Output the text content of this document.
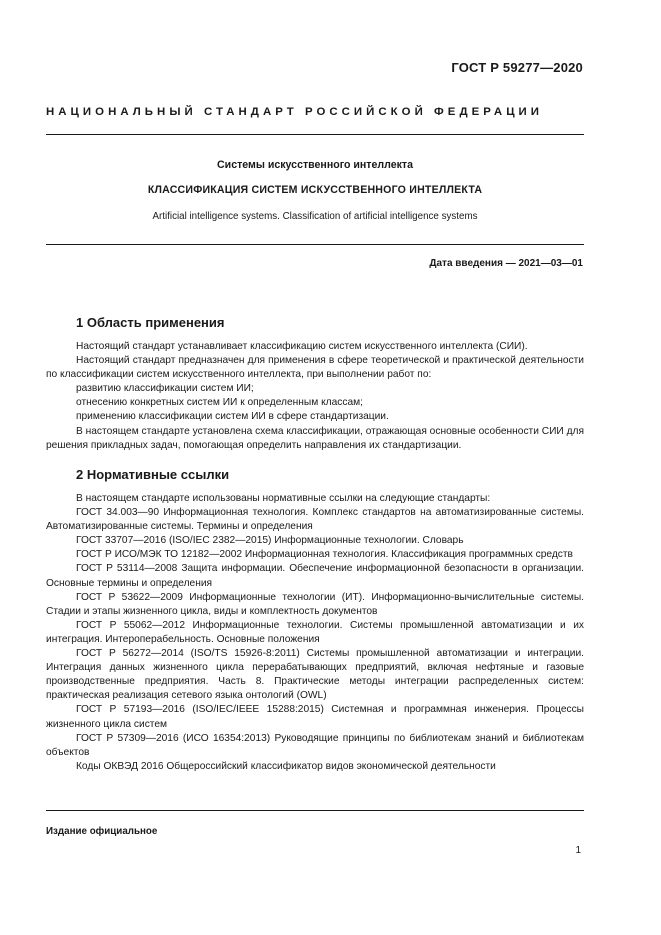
ГОСТ Р 59277—2020
НАЦИОНАЛЬНЫЙ СТАНДАРТ РОССИЙСКОЙ ФЕДЕРАЦИИ
Системы искусственного интеллекта
КЛАССИФИКАЦИЯ СИСТЕМ ИСКУССТВЕННОГО ИНТЕЛЛЕКТА
Artificial intelligence systems. Classification of artificial intelligence systems
Дата введения — 2021—03—01
1 Область применения

Настоящий стандарт устанавливает классификацию систем искусственного интеллекта (СИИ).

Настоящий стандарт предназначен для применения в сфере теоретической и практической деятельности по классификации систем искусственного интеллекта, при выполнении работ по:

развитию классификации систем ИИ;

отнесению конкретных систем ИИ к определенным классам;

применению классификации систем ИИ в сфере стандартизации.

В настоящем стандарте установлена схема классификации, отражающая основные особенности СИИ для решения прикладных задач, помогающая определить направления их стандартизации.

2 Нормативные ссылки

В настоящем стандарте использованы нормативные ссылки на следующие стандарты:

ГОСТ 34.003—90 Информационная технология. Комплекс стандартов на автоматизированные системы. Автоматизированные системы. Термины и определения

ГОСТ 33707—2016 (ISO/IEC 2382—2015) Информационные технологии. Словарь

ГОСТ Р ИСО/МЭК ТО 12182—2002 Информационная технология. Классификация программных средств

ГОСТ Р 53114—2008 Защита информации. Обеспечение информационной безопасности в организации. Основные термины и определения

ГОСТ Р 53622—2009 Информационные технологии (ИТ). Информационно-вычислительные системы. Стадии и этапы жизненного цикла, виды и комплектность документов

ГОСТ Р 55062—2012 Информационные технологии. Системы промышленной автоматизации и их интеграция. Интероперабельность. Основные положения

ГОСТ Р 56272—2014 (ISO/TS 15926-8:2011) Системы промышленной автоматизации и интеграции. Интеграция данных жизненного цикла перерабатывающих предприятий, включая нефтяные и газовые производственные предприятия. Часть 8. Практические методы интеграции распределенных систем: практическая реализация сетевого языка онтологий (OWL)

ГОСТ Р 57193—2016 (ISO/IEC/IEEE 15288:2015) Системная и программная инженерия. Процессы жизненного цикла систем

ГОСТ Р 57309—2016 (ИСО 16354:2013) Руководящие принципы по библиотекам знаний и библиотекам объектов

Коды ОКВЭД 2016 Общероссийский классификатор видов экономической деятельности

Издание официальное
1
